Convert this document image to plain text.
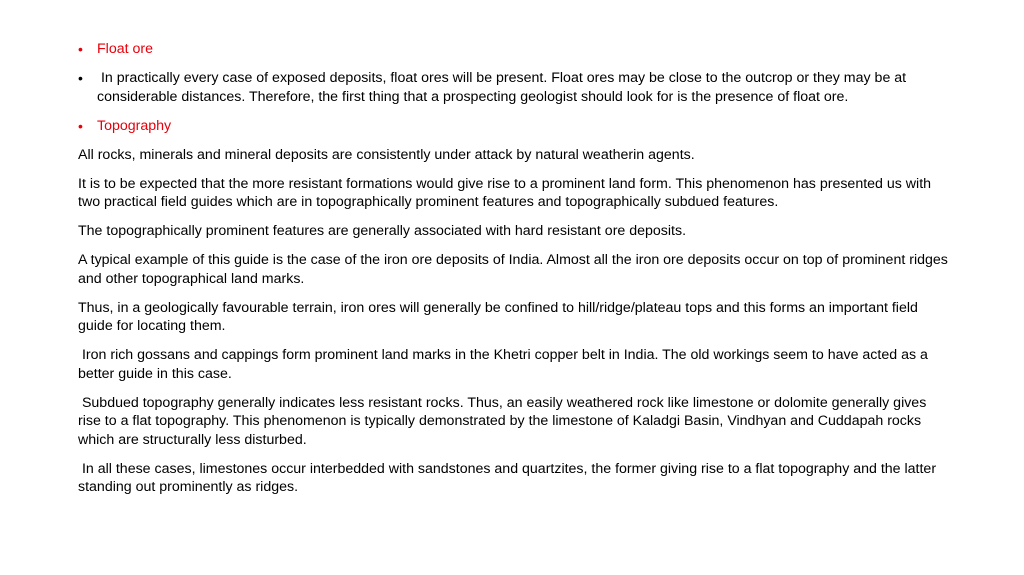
• Float ore
• In practically every case of exposed deposits, float ores will be present. Float ores may be close to the outcrop or they may be at considerable distances. Therefore, the first thing that a prospecting geologist should look for is the presence of float ore.
• Topography

All rocks, minerals and mineral deposits are consistently under attack by natural weatherin agents.

It is to be expected that the more resistant formations would give rise to a prominent land form. This phenomenon has presented us with two practical field guides which are in topographically prominent features and topographically subdued features.

The topographically prominent features are generally associated with hard resistant ore deposits.

A typical example of this guide is the case of the iron ore deposits of India. Almost all the iron ore deposits occur on top of prominent ridges and other topographical land marks.

Thus, in a geologically favourable terrain, iron ores will generally be confined to hill/ridge/plateau tops and this forms an important field guide for locating them.

Iron rich gossans and cappings form prominent land marks in the Khetri copper belt in India. The old workings seem to have acted as a better guide in this case.

Subdued topography generally indicates less resistant rocks. Thus, an easily weathered rock like limestone or dolomite generally gives rise to a flat topography. This phenomenon is typically demonstrated by the limestone of Kaladgi Basin, Vindhyan and Cuddapah rocks which are structurally less disturbed.

In all these cases, limestones occur interbedded with sandstones and quartzites, the former giving rise to a flat topography and the latter standing out prominently as ridges.
